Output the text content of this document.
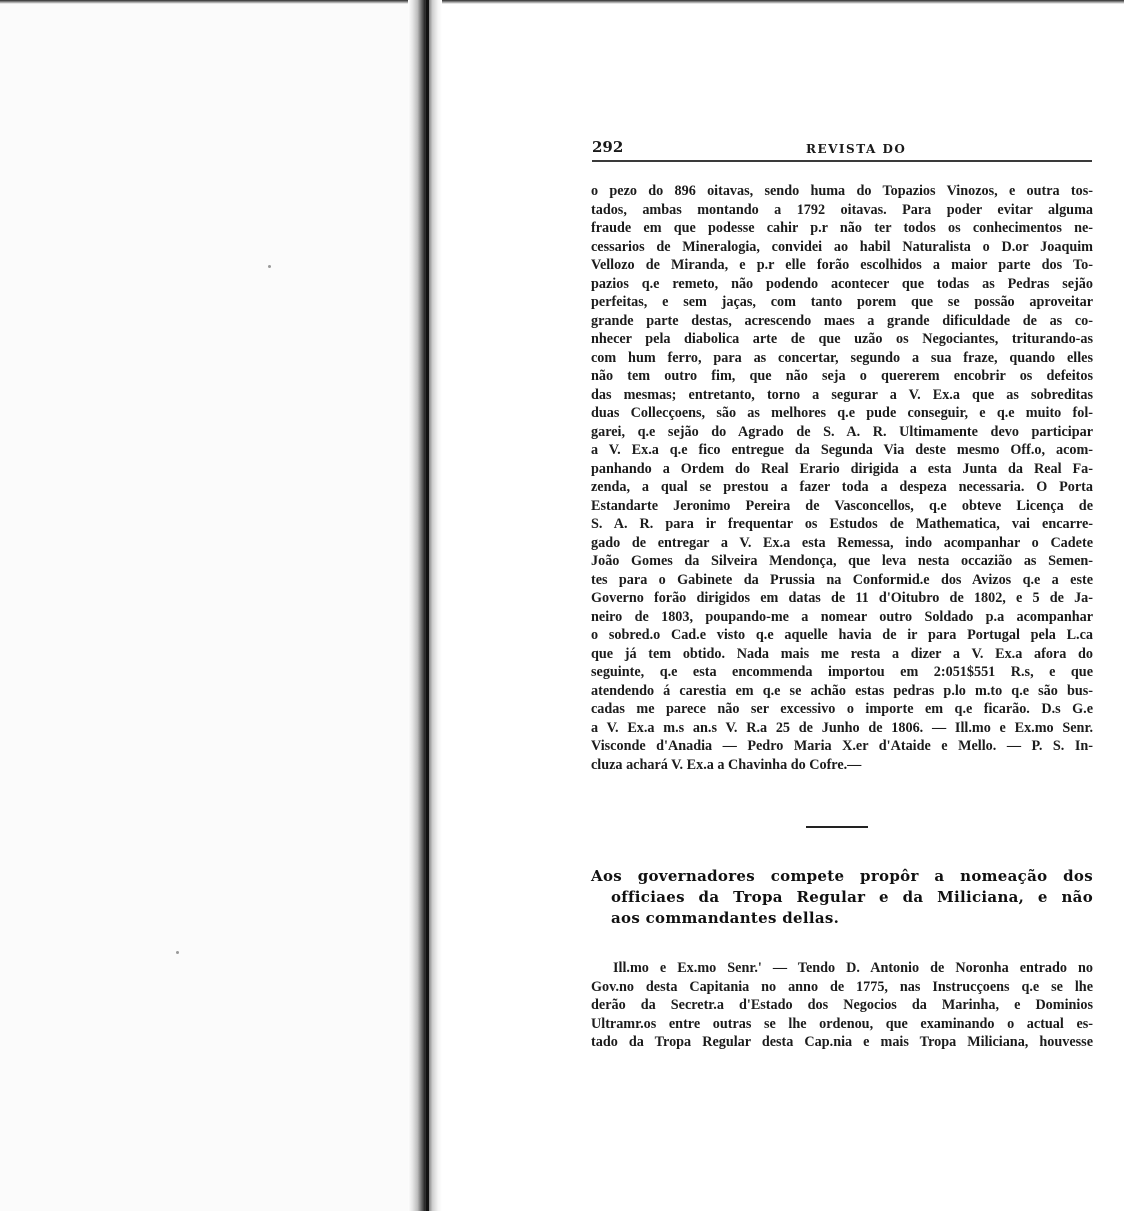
292	REVISTA DO
o pezo do 896 oitavas, sendo huma do Topazios Vinozos, e outra tos-
tados, ambas montando a 1792 oitavas. Para poder evitar alguma
fraude em que podesse cahir p.r não ter todos os conhecimentos ne-
cessarios de Mineralogia, convidei ao habil Naturalista o D.or Joaquim
Vellozo de Miranda, e p.r elle forão escolhidos a maior parte dos To-
pazios q.e remeto, não podendo acontecer que todas as Pedras sejão
perfeitas, e sem jaças, com tanto porem que se possão aproveitar
grande parte destas, acrescendo maes a grande dificuldade de as co-
nhecer pela diabolica arte de que uzão os Negociantes, triturando-as
com hum ferro, para as concertar, segundo a sua fraze, quando elles
não tem outro fim, que não seja o quererem encobrir os defeitos
das mesmas; entretanto, torno a segurar a V. Ex.a que as sobreditas
duas Collecçoens, são as melhores q.e pude conseguir, e q.e muito fol-
garei, q.e sejão do Agrado de S. A. R. Ultimamente devo participar
a V. Ex.a q.e fico entregue da Segunda Via deste mesmo Off.o, acom-
panhando a Ordem do Real Erario dirigida a esta Junta da Real Fa-
zenda, a qual se prestou a fazer toda a despeza necessaria. O Porta
Estandarte Jeronimo Pereira de Vasconcellos, q.e obteve Licença de
S. A. R. para ir frequentar os Estudos de Mathematica, vai encarre-
gado de entregar a V. Ex.a esta Remessa, indo acompanhar o Cadete
João Gomes da Silveira Mendonça, que leva nesta occazião as Semen-
tes para o Gabinete da Prussia na Conformid.e dos Avizos q.e a este
Governo forão dirigidos em datas de 11 d'Oitubro de 1802, e 5 de Ja-
neiro de 1803, poupando-me a nomear outro Soldado p.a acompanhar
o sobred.o Cad.e visto q.e aquelle havia de ir para Portugal pela L.ca
que já tem obtido. Nada mais me resta a dizer a V. Ex.a afora do
seguinte, q.e esta encommenda importou em 2:051$551 R.s, e que
atendendo á carestia em q.e se achão estas pedras p.lo m.to q.e são bus-
cadas me parece não ser excessivo o importe em q.e ficarão. D.s G.e
a V. Ex.a m.s an.s V. R.a 25 de Junho de 1806. — Ill.mo e Ex.mo Senr.
Visconde d'Anadia — Pedro Maria X.er d'Ataide e Mello. — P. S. In-
cluza achará V. Ex.a a Chavinha do Cofre.—
Aos governadores compete propôr a nomeação dos
officiaes da Tropa Regular e da Miliciana, e não
aos commandantes dellas.
Ill.mo e Ex.mo Senr.' — Tendo D. Antonio de Noronha entrado no
Gov.no desta Capitania no anno de 1775, nas Instrucçoens q.e se lhe
derão da Secretr.a d'Estado dos Negocios da Marinha, e Dominios
Ultramr.os entre outras se lhe ordenou, que examinando o actual es-
tado da Tropa Regular desta Cap.nia e mais Tropa Miliciana, houvesse
